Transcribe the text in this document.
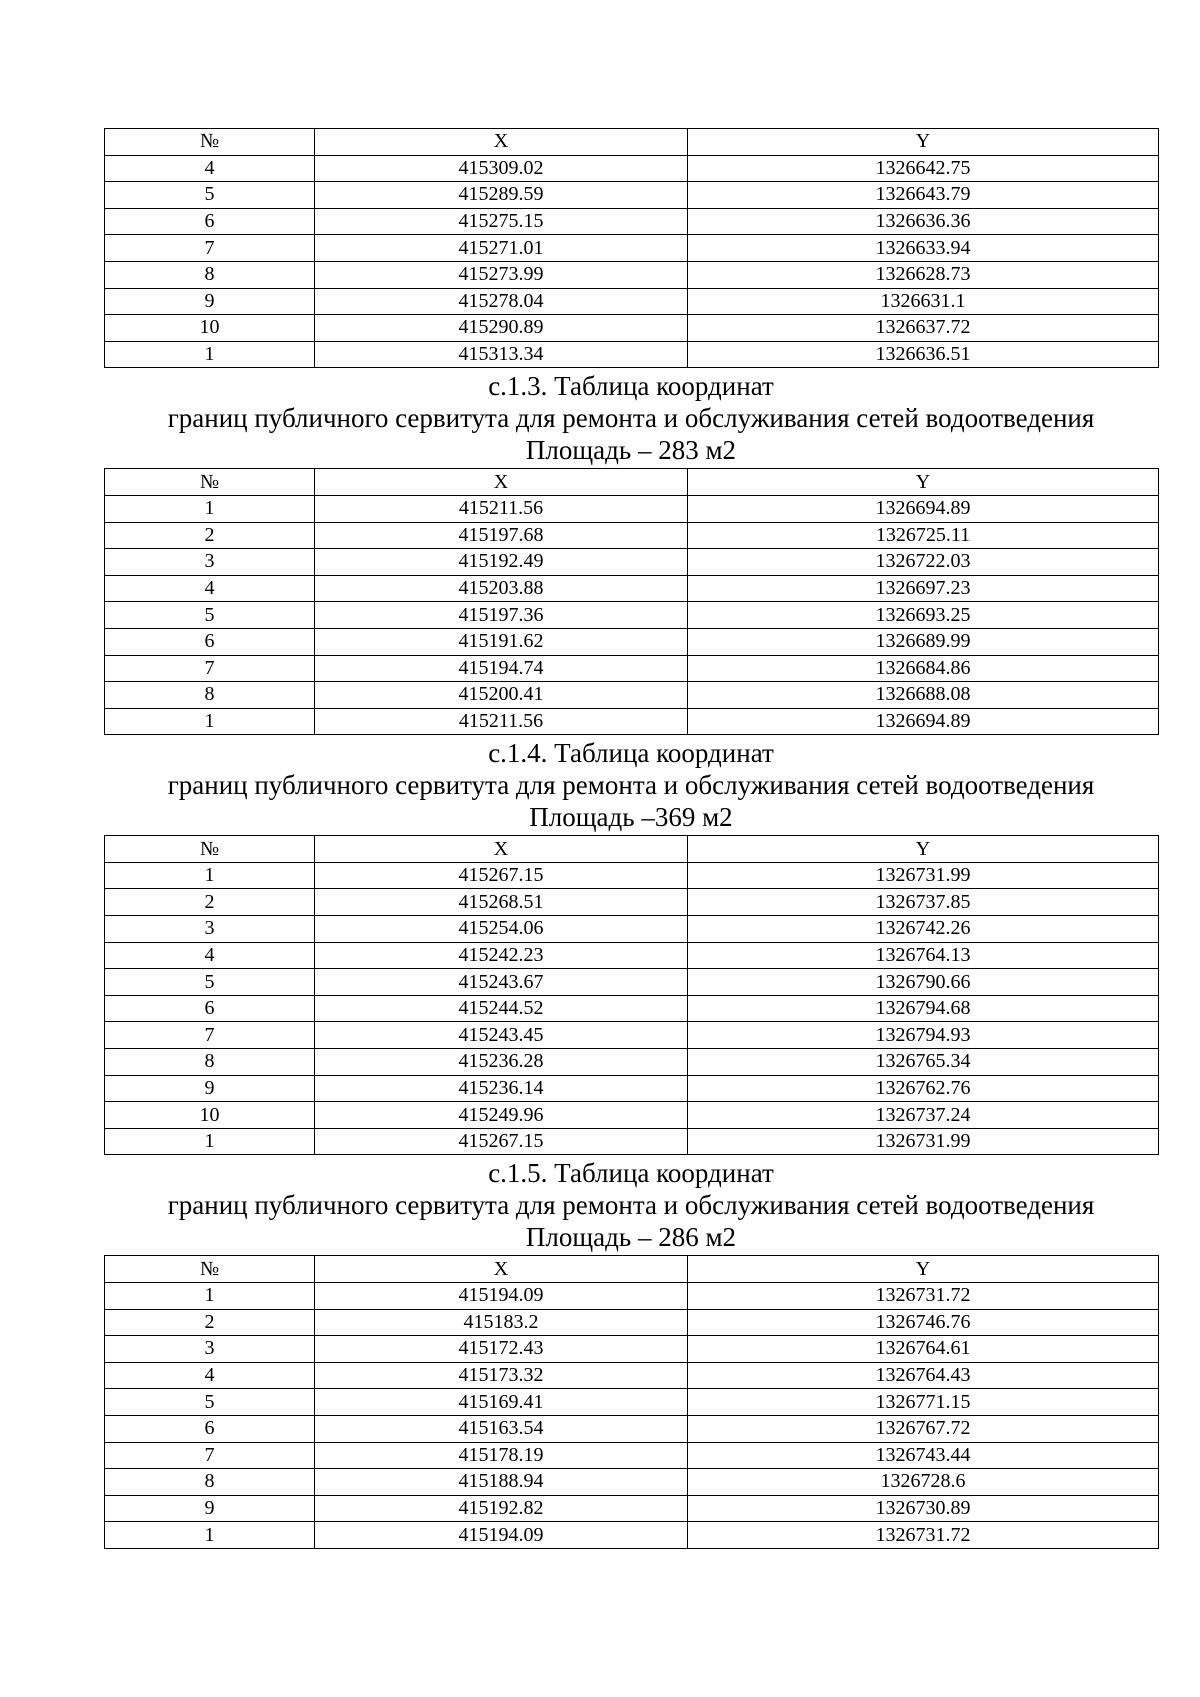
№	X	Y
4	415309.02	1326642.75
5	415289.59	1326643.79
6	415275.15	1326636.36
7	415271.01	1326633.94
8	415273.99	1326628.73
9	415278.04	1326631.1
10	415290.89	1326637.72
1	415313.34	1326636.51
с.1.3. Таблица координат
границ публичного сервитута для ремонта и обслуживания сетей водоотведения
Площадь – 283 м2
№	X	Y
1	415211.56	1326694.89
2	415197.68	1326725.11
3	415192.49	1326722.03
4	415203.88	1326697.23
5	415197.36	1326693.25
6	415191.62	1326689.99
7	415194.74	1326684.86
8	415200.41	1326688.08
1	415211.56	1326694.89
с.1.4. Таблица координат
границ публичного сервитута для ремонта и обслуживания сетей водоотведения
Площадь –369 м2
№	X	Y
1	415267.15	1326731.99
2	415268.51	1326737.85
3	415254.06	1326742.26
4	415242.23	1326764.13
5	415243.67	1326790.66
6	415244.52	1326794.68
7	415243.45	1326794.93
8	415236.28	1326765.34
9	415236.14	1326762.76
10	415249.96	1326737.24
1	415267.15	1326731.99
с.1.5. Таблица координат
границ публичного сервитута для ремонта и обслуживания сетей водоотведения
Площадь – 286 м2
№	X	Y
1	415194.09	1326731.72
2	415183.2	1326746.76
3	415172.43	1326764.61
4	415173.32	1326764.43
5	415169.41	1326771.15
6	415163.54	1326767.72
7	415178.19	1326743.44
8	415188.94	1326728.6
9	415192.82	1326730.89
1	415194.09	1326731.72
